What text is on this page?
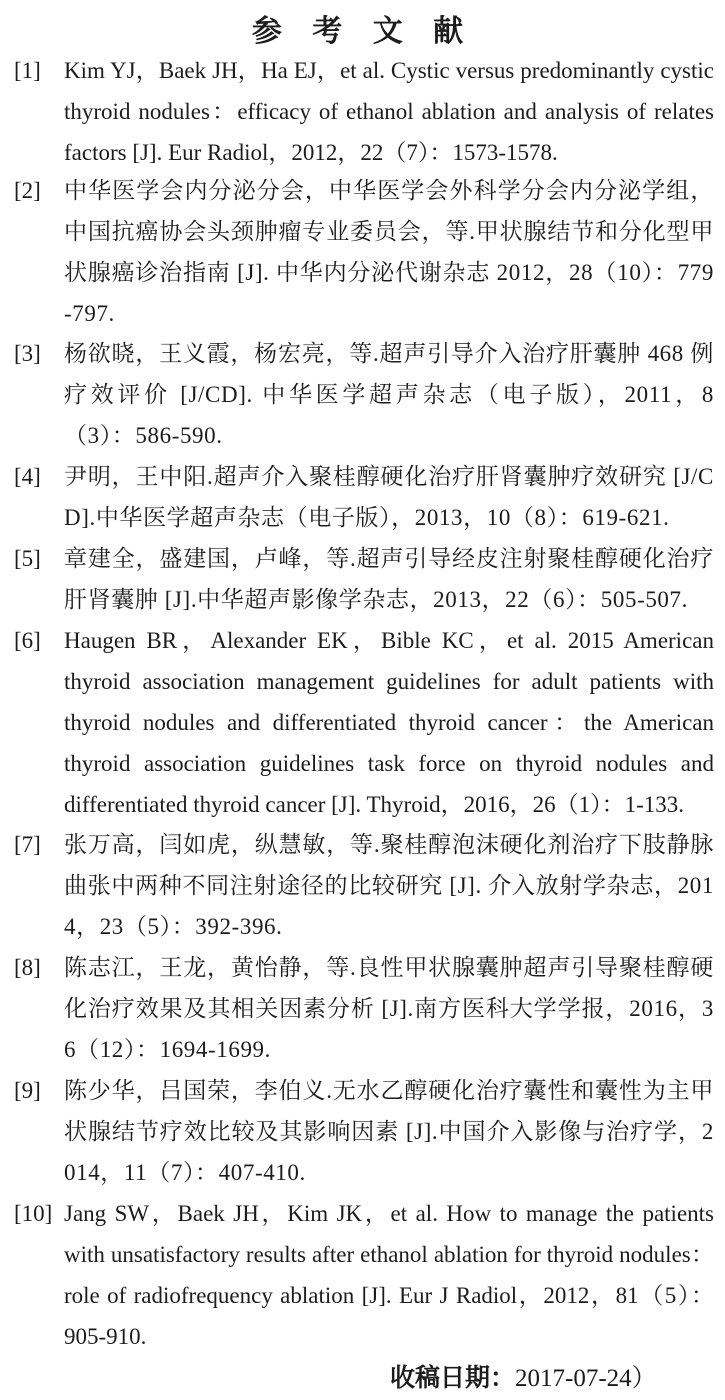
参 考 文 献
[1]	Kim YJ，Baek JH，Ha EJ，et al. Cystic versus predominantly cystic thyroid nodules：efficacy of ethanol ablation and analysis of relates factors [J]. Eur Radiol，2012，22（7）：1573-1578.
[2]	中华医学会内分泌分会，中华医学会外科学分会内分泌学组，中国抗癌协会头颈肿瘤专业委员会，等.甲状腺结节和分化型甲状腺癌诊治指南 [J]. 中华内分泌代谢杂志 2012，28（10）：779-797.
[3]	杨欲晓，王义霞，杨宏亮，等.超声引导介入治疗肝囊肿 468 例疗效评价 [J/CD]. 中华医学超声杂志（电子版），2011，8（3）：586-590.
[4]	尹明，王中阳.超声介入聚桂醇硬化治疗肝肾囊肿疗效研究 [J/CD].中华医学超声杂志（电子版），2013，10（8）：619-621.
[5]	章建全，盛建国，卢峰，等.超声引导经皮注射聚桂醇硬化治疗肝肾囊肿 [J].中华超声影像学杂志，2013，22（6）：505-507.
[6]	Haugen BR，Alexander EK，Bible KC，et al. 2015 American thyroid association management guidelines for adult patients with thyroid nodules and differentiated thyroid cancer：the American thyroid association guidelines task force on thyroid nodules and differentiated thyroid cancer [J]. Thyroid，2016，26（1）：1-133.
[7]	张万高，闫如虎，纵慧敏，等.聚桂醇泡沫硬化剂治疗下肢静脉曲张中两种不同注射途径的比较研究 [J]. 介入放射学杂志，2014，23（5）：392-396.
[8]	陈志江，王龙，黄怡静，等.良性甲状腺囊肿超声引导聚桂醇硬化治疗效果及其相关因素分析 [J].南方医科大学学报，2016，36（12）：1694-1699.
[9]	陈少华，吕国荣，李伯义.无水乙醇硬化治疗囊性和囊性为主甲状腺结节疗效比较及其影响因素 [J].中国介入影像与治疗学，2014，11（7）：407-410.
[10] Jang SW，Baek JH，Kim JK，et al. How to manage the patients with unsatisfactory results after ethanol ablation for thyroid nodules：role of radiofrequency ablation [J]. Eur J Radiol，2012，81（5）：905-910.
收稿日期：2017-07-24）
